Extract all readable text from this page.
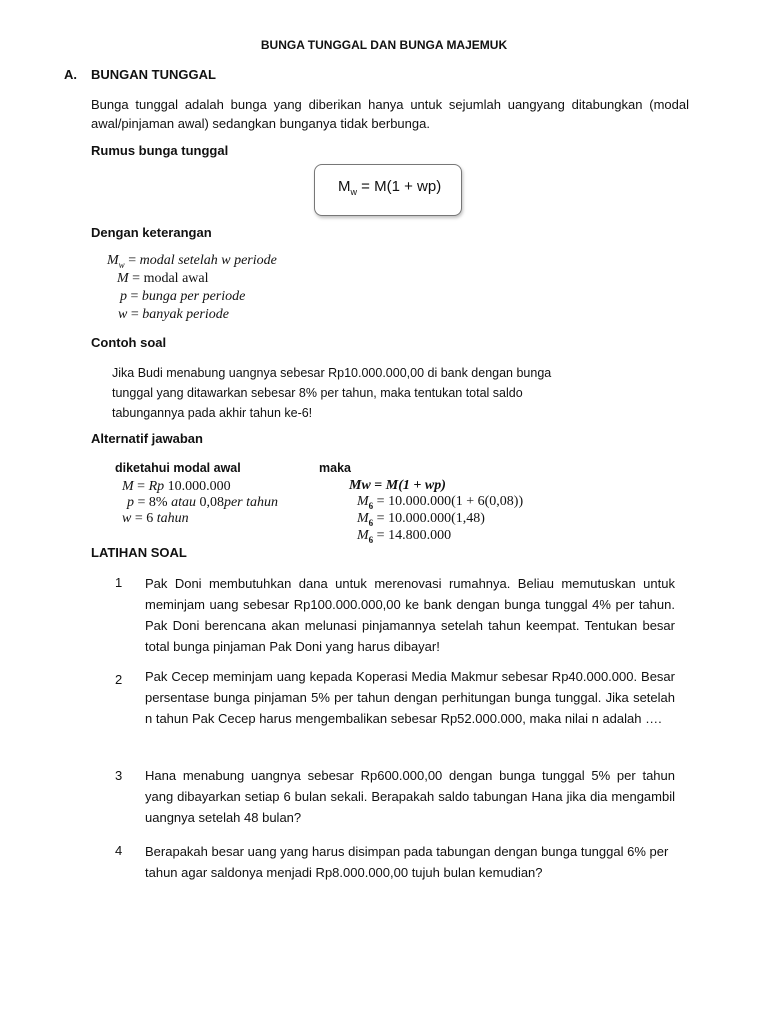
BUNGA TUNGGAL DAN BUNGA MAJEMUK
A. BUNGAN TUNGGAL
Bunga tunggal adalah bunga yang diberikan hanya untuk sejumlah uangyang ditabungkan (modal awal/pinjaman awal) sedangkan bunganya tidak berbunga.
Rumus bunga tunggal
$M_w = M(1 + wp)$
Dengan keterangan
$M_w$ = modal setelah w periode
M = modal awal
p = bunga per periode
w = banyak periode
Contoh soal
Jika Budi menabung uangnya sebesar Rp10.000.000,00 di bank dengan bunga tunggal yang ditawarkan sebesar 8% per tahun, maka tentukan total saldo tabungannya pada akhir tahun ke-6!
Alternatif jawaban
diketahui modal awal
M = Rp 10.000.000
p = 8% atau 0,08per tahun
w = 6 tahun
maka
Mw = M(1 + wp)
$M_6 = 10.000.000(1 + 6(0,08))$
$M_6 = 10.000.000(1,48)$
$M_6 = 14.800.000$
LATIHAN SOAL
1 Pak Doni membutuhkan dana untuk merenovasi rumahnya. Beliau memutuskan untuk meminjam uang sebesar Rp100.000.000,00 ke bank dengan bunga tunggal 4% per tahun. Pak Doni berencana akan melunasi pinjamannya setelah tahun keempat. Tentukan besar total bunga pinjaman Pak Doni yang harus dibayar!
2 Pak Cecep meminjam uang kepada Koperasi Media Makmur sebesar Rp40.000.000. Besar persentase bunga pinjaman 5% per tahun dengan perhitungan bunga tunggal. Jika setelah n tahun Pak Cecep harus mengembalikan sebesar Rp52.000.000, maka nilai n adalah ….
3 Hana menabung uangnya sebesar Rp600.000,00 dengan bunga tunggal 5% per tahun yang dibayarkan setiap 6 bulan sekali. Berapakah saldo tabungan Hana jika dia mengambil uangnya setelah 48 bulan?
4 Berapakah besar uang yang harus disimpan pada tabungan dengan bunga tunggal 6% per tahun agar saldonya menjadi Rp8.000.000,00 tujuh bulan kemudian?
